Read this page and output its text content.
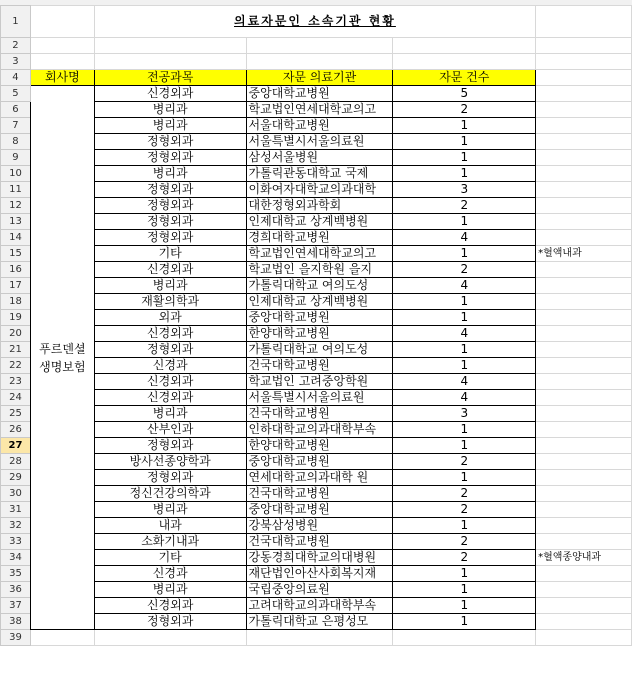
1		의료자문인 소속기관 현황			
2					
3					
4	회사명	전공과목	자문 의료기관	자문 건수	
5	푸르덴셜 생명보험	신경외과	중앙대학교병원	5	
6		병리과	학교법인연세대학교의고	2	
7		병리과	서울대학교병원	1	
8		정형외과	서울특별시서울의료원	1	
9		정형외과	삼성서울병원	1	
10		병리과	가톨릭관동대학교 국제	1	
11		정형외과	이화여자대학교의과대학	3	
12		정형외과	대한정형외과학회	2	
13		정형외과	인제대학교 상계백병원	1	
14		정형외과	경희대학교병원	4	
15		기타	학교법인연세대학교의고	1	*혈액내과
16		신경외과	학교법인 을지학원 을지	2	
17		병리과	가톨릭대학교 여의도성	4	
18		재활의학과	인제대학교 상계백병원	1	
19		외과	중앙대학교병원	1	
20		신경외과	한양대학교병원	4	
21		정형외과	가톨릭대학교 여의도성	1	
22		신경과	건국대학교병원	1	
23		신경외과	학교법인 고려중앙학원	4	
24		신경외과	서울특별시서울의료원	4	
25		병리과	건국대학교병원	3	
26		산부인과	인하대학교의과대학부속	1	
27		정형외과	한양대학교병원	1	
28		방사선종양학과	중앙대학교병원	2	
29		정형외과	연세대학교의과대학 원	1	
30		정신건강의학과	건국대학교병원	2	
31		병리과	중앙대학교병원	2	
32		내과	강북삼성병원	1	
33		소화기내과	건국대학교병원	2	
34		기타	강동경희대학교의대병원	2	*혈액종양내과
35		신경과	재단법인아산사회복지재	1	
36		병리과	국립중앙의료원	1	
37		신경외과	고려대학교의과대학부속	1	
38		정형외과	가톨릭대학교 은평성모	1	
39					
